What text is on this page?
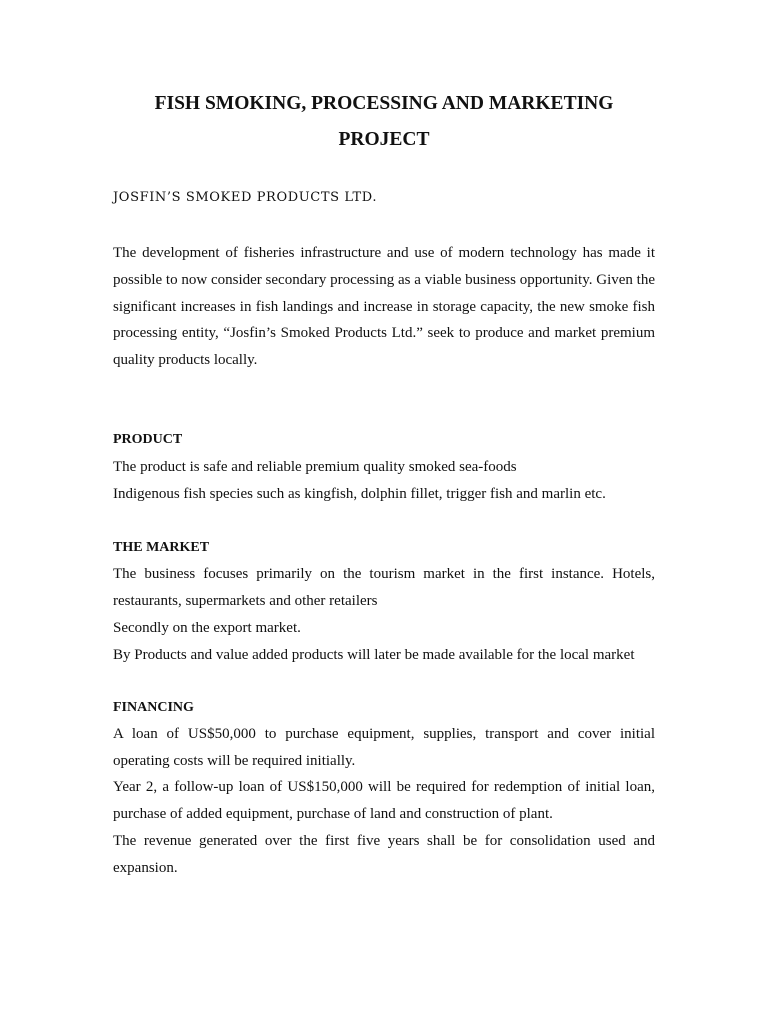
FISH SMOKING, PROCESSING AND MARKETING
PROJECT

JOSFIN’S SMOKED PRODUCTS LTD.

The development of fisheries infrastructure and use of modern technology has made it possible to now consider secondary processing as a viable business opportunity. Given the significant increases in fish landings and increase in storage capacity, the new smoke fish processing entity, “Josfin’s Smoked Products Ltd.” seek to produce and market premium quality products locally.

PRODUCT

The product is safe and reliable premium quality smoked sea-foods

Indigenous fish species such as kingfish, dolphin fillet, trigger fish and marlin etc.

THE MARKET

The business focuses primarily on the tourism market in the first instance. Hotels, restaurants, supermarkets and other retailers

Secondly on the export market.

By Products and value added products will later be made available for the local market

FINANCING

A loan of US$50,000 to purchase equipment, supplies, transport and cover initial operating costs will be required initially.

Year 2, a follow-up loan of US$150,000 will be required for redemption of initial loan, purchase of added equipment, purchase of land and construction of plant.

The revenue generated over the first five years shall be for consolidation used and expansion.
